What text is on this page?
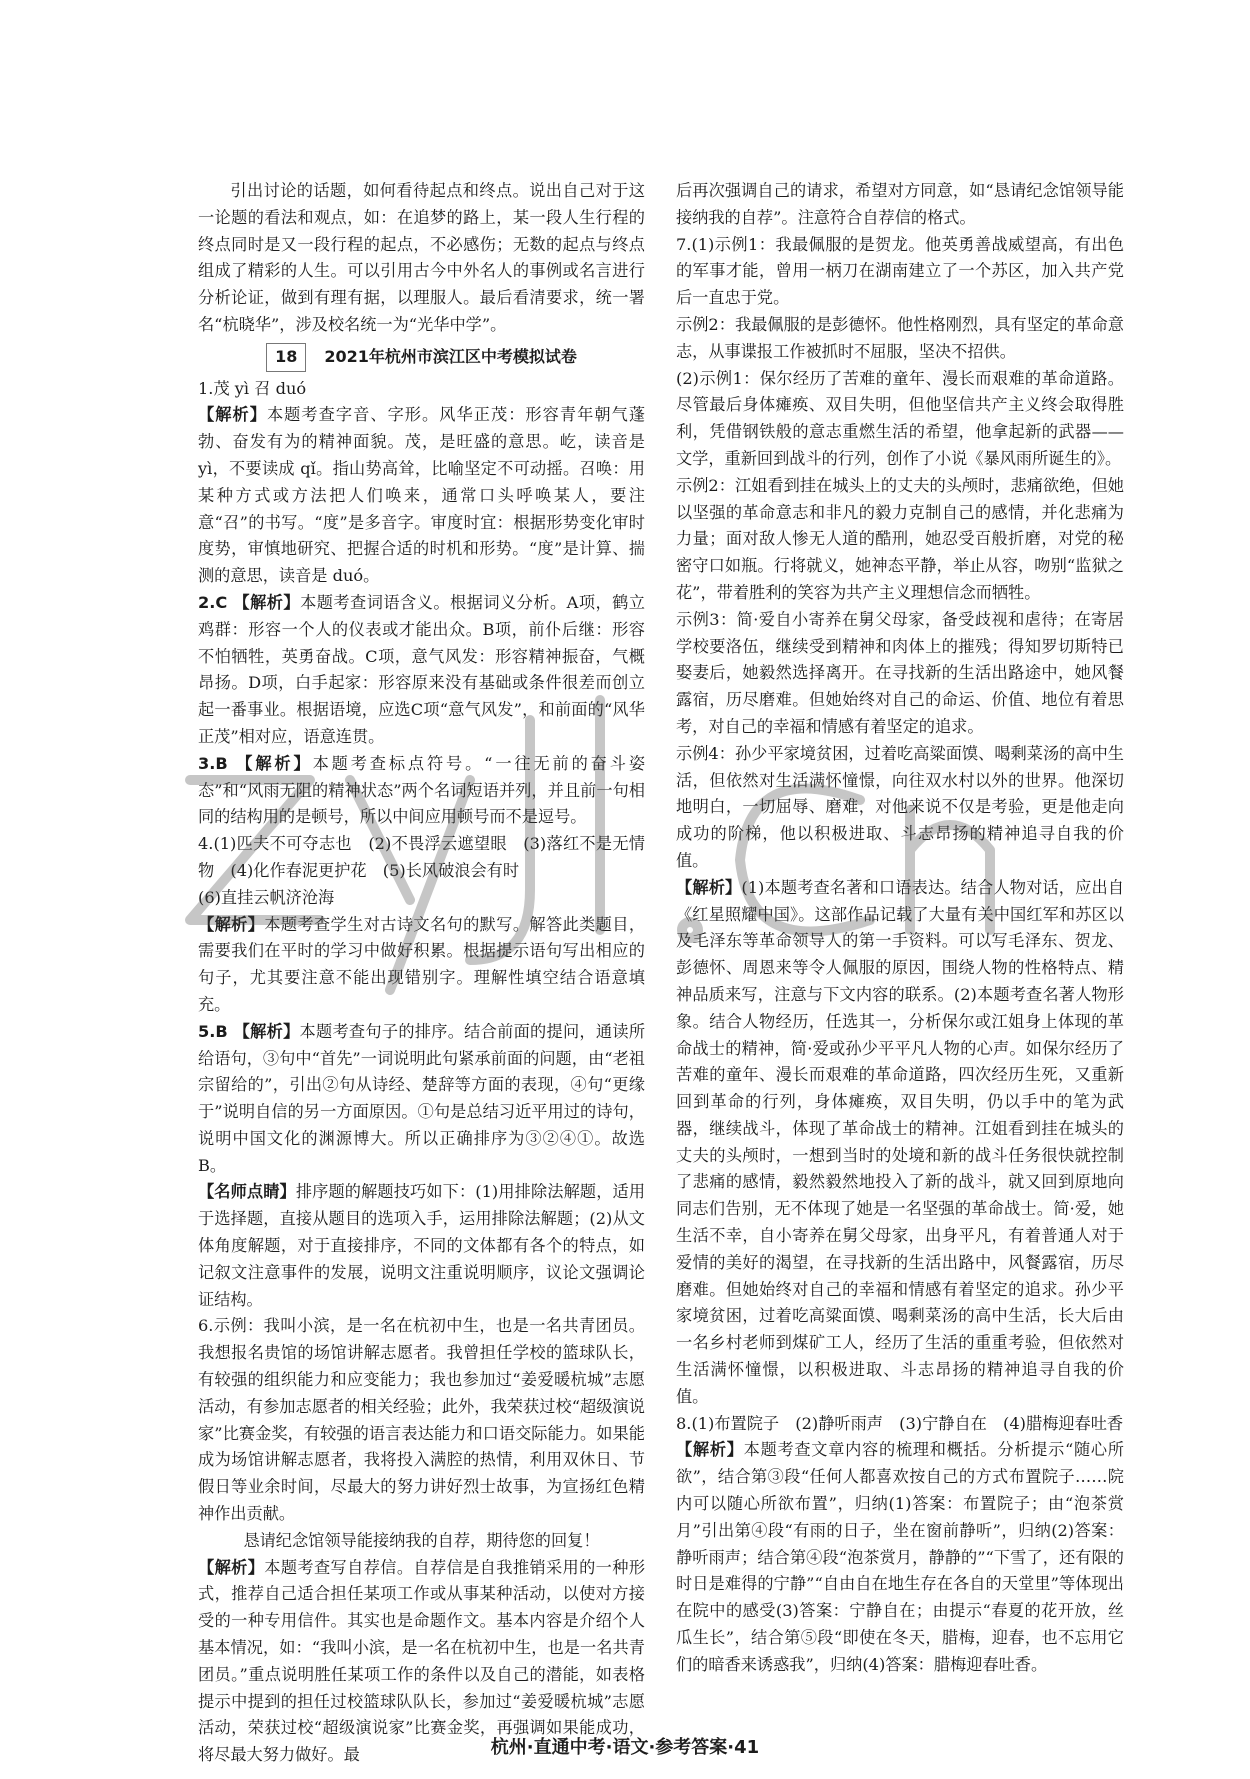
引出讨论的话题，如何看待起点和终点。说出自己对于这一论题的看法和观点，如：在追梦的路上，某一段人生行程的终点同时是又一段行程的起点，不必感伤；无数的起点与终点组成了精彩的人生。可以引用古今中外名人的事例或名言进行分析论证，做到有理有据，以理服人。最后看清要求，统一署名“杭晓华”，涉及校名统一为“光华中学”。

18 2021年杭州市滨江区中考模拟试卷

1.茂 yì 召 duó

【解析】本题考查字音、字形。风华正茂：形容青年朝气蓬勃、奋发有为的精神面貌。茂，是旺盛的意思。屹，读音是yì，不要读成 qǐ。指山势高耸，比喻坚定不可动摇。召唤：用某种方式或方法把人们唤来，通常口头呼唤某人，要注意“召”的书写。“度”是多音字。审度时宜：根据形势变化审时度势，审慎地研究、把握合适的时机和形势。“度”是计算、揣测的意思，读音是 duó。

2.C 【解析】本题考查词语含义。根据词义分析。A项，鹤立鸡群：形容一个人的仪表或才能出众。B项，前仆后继：形容不怕牺牲，英勇奋战。C项，意气风发：形容精神振奋，气概昂扬。D项，白手起家：形容原来没有基础或条件很差而创立起一番事业。根据语境，应选C项“意气风发”，和前面的“风华正茂”相对应，语意连贯。

3.B 【解析】本题考查标点符号。“一往无前的奋斗姿态”和“风雨无阻的精神状态”两个名词短语并列，并且前一句相同的结构用的是顿号，所以中间应用顿号而不是逗号。

4.(1)匹夫不可夺志也　(2)不畏浮云遮望眼　(3)落红不是无情物　(4)化作春泥更护花　(5)长风破浪会有时

(6)直挂云帆济沧海

【解析】本题考查学生对古诗文名句的默写。解答此类题目，需要我们在平时的学习中做好积累。根据提示语句写出相应的句子，尤其要注意不能出现错别字。理解性填空结合语意填充。

5.B 【解析】本题考查句子的排序。结合前面的提问，通读所给语句，③句中“首先”一词说明此句紧承前面的问题，由“老祖宗留给的”，引出②句从诗经、楚辞等方面的表现，④句“更缘于”说明自信的另一方面原因。①句是总结习近平用过的诗句，说明中国文化的渊源博大。所以正确排序为③②④①。故选B。

【名师点睛】排序题的解题技巧如下：(1)用排除法解题，适用于选择题，直接从题目的选项入手，运用排除法解题；(2)从文体角度解题，对于直接排序，不同的文体都有各个的特点，如记叙文注意事件的发展，说明文注重说明顺序，议论文强调论证结构。

6.示例：我叫小滨，是一名在杭初中生，也是一名共青团员。我想报名贵馆的场馆讲解志愿者。我曾担任学校的篮球队长，有较强的组织能力和应变能力；我也参加过“姜爱暖杭城”志愿活动，有参加志愿者的相关经验；此外，我荣获过校“超级演说家”比赛金奖，有较强的语言表达能力和口语交际能力。如果能成为场馆讲解志愿者，我将投入满腔的热情，利用双休日、节假日等业余时间，尽最大的努力讲好烈士故事，为宣扬红色精神作出贡献。

恳请纪念馆领导能接纳我的自荐，期待您的回复！

【解析】本题考查写自荐信。自荐信是自我推销采用的一种形式，推荐自己适合担任某项工作或从事某种活动，以使对方接受的一种专用信件。其实也是命题作文。基本内容是介绍个人基本情况，如：“我叫小滨，是一名在杭初中生，也是一名共青团员。”重点说明胜任某项工作的条件以及自己的潜能，如表格提示中提到的担任过校篮球队队长，参加过“姜爱暖杭城”志愿活动，荣获过校“超级演说家”比赛金奖，再强调如果能成功，将尽最大努力做好。最

后再次强调自己的请求，希望对方同意，如“恳请纪念馆领导能接纳我的自荐”。注意符合自荐信的格式。

7.(1)示例1：我最佩服的是贺龙。他英勇善战威望高，有出色的军事才能，曾用一柄刀在湖南建立了一个苏区，加入共产党后一直忠于党。

示例2：我最佩服的是彭德怀。他性格刚烈，具有坚定的革命意志，从事谍报工作被抓时不屈服，坚决不招供。

(2)示例1：保尔经历了苦难的童年、漫长而艰难的革命道路。尽管最后身体瘫痪、双目失明，但他坚信共产主义终会取得胜利，凭借钢铁般的意志重燃生活的希望，他拿起新的武器——文学，重新回到战斗的行列，创作了小说《暴风雨所诞生的》。

示例2：江姐看到挂在城头上的丈夫的头颅时，悲痛欲绝，但她以坚强的革命意志和非凡的毅力克制自己的感情，并化悲痛为力量；面对敌人惨无人道的酷刑，她忍受百般折磨，对党的秘密守口如瓶。行将就义，她神态平静，举止从容，吻别“监狱之花”，带着胜利的笑容为共产主义理想信念而牺牲。

示例3：简·爱自小寄养在舅父母家，备受歧视和虐待；在寄居学校要洛伍，继续受到精神和肉体上的摧残；得知罗切斯特已娶妻后，她毅然选择离开。在寻找新的生活出路途中，她风餐露宿，历尽磨难。但她始终对自己的命运、价值、地位有着思考，对自己的幸福和情感有着坚定的追求。

示例4：孙少平家境贫困，过着吃高粱面馍、喝剩菜汤的高中生活，但依然对生活满怀憧憬，向往双水村以外的世界。他深切地明白，一切屈辱、磨难，对他来说不仅是考验，更是他走向成功的阶梯，他以积极进取、斗志昂扬的精神追寻自我的价值。

【解析】(1)本题考查名著和口语表达。结合人物对话，应出自《红星照耀中国》。这部作品记载了大量有关中国红军和苏区以及毛泽东等革命领导人的第一手资料。可以写毛泽东、贺龙、彭德怀、周恩来等令人佩服的原因，围绕人物的性格特点、精神品质来写，注意与下文内容的联系。(2)本题考查名著人物形象。结合人物经历，任选其一，分析保尔或江姐身上体现的革命战士的精神，简·爱或孙少平平凡人物的心声。如保尔经历了苦难的童年、漫长而艰难的革命道路，四次经历生死，又重新回到革命的行列，身体瘫痪，双目失明，仍以手中的笔为武器，继续战斗，体现了革命战士的精神。江姐看到挂在城头的丈夫的头颅时，一想到当时的处境和新的战斗任务很快就控制了悲痛的感情，毅然毅然地投入了新的战斗，就又回到原地向同志们告别，无不体现了她是一名坚强的革命战士。简·爱，她生活不幸，自小寄养在舅父母家，出身平凡，有着普通人对于爱情的美好的渴望，在寻找新的生活出路中，风餐露宿，历尽磨难。但她始终对自己的幸福和情感有着坚定的追求。孙少平家境贫困，过着吃高粱面馍、喝剩菜汤的高中生活，长大后由一名乡村老师到煤矿工人，经历了生活的重重考验，但依然对生活满怀憧憬，以积极进取、斗志昂扬的精神追寻自我的价值。

8.(1)布置院子　(2)静听雨声　(3)宁静自在　(4)腊梅迎春吐香

【解析】本题考查文章内容的梳理和概括。分析提示“随心所欲”，结合第③段“任何人都喜欢按自己的方式布置院子……院内可以随心所欲布置”，归纳(1)答案：布置院子；由“泡茶赏月”引出第④段“有雨的日子，坐在窗前静听”，归纳(2)答案：静听雨声；结合第④段“泡茶赏月，静静的”“下雪了，还有限的时日是难得的宁静”“自由自在地生存在各自的天堂里”等体现出在院中的感受(3)答案：宁静自在；由提示“春夏的花开放，丝瓜生长”，结合第⑤段“即使在冬天，腊梅，迎春，也不忘用它们的暗香来诱惑我”，归纳(4)答案：腊梅迎春吐香。

杭州·直通中考·语文·参考答案·41
